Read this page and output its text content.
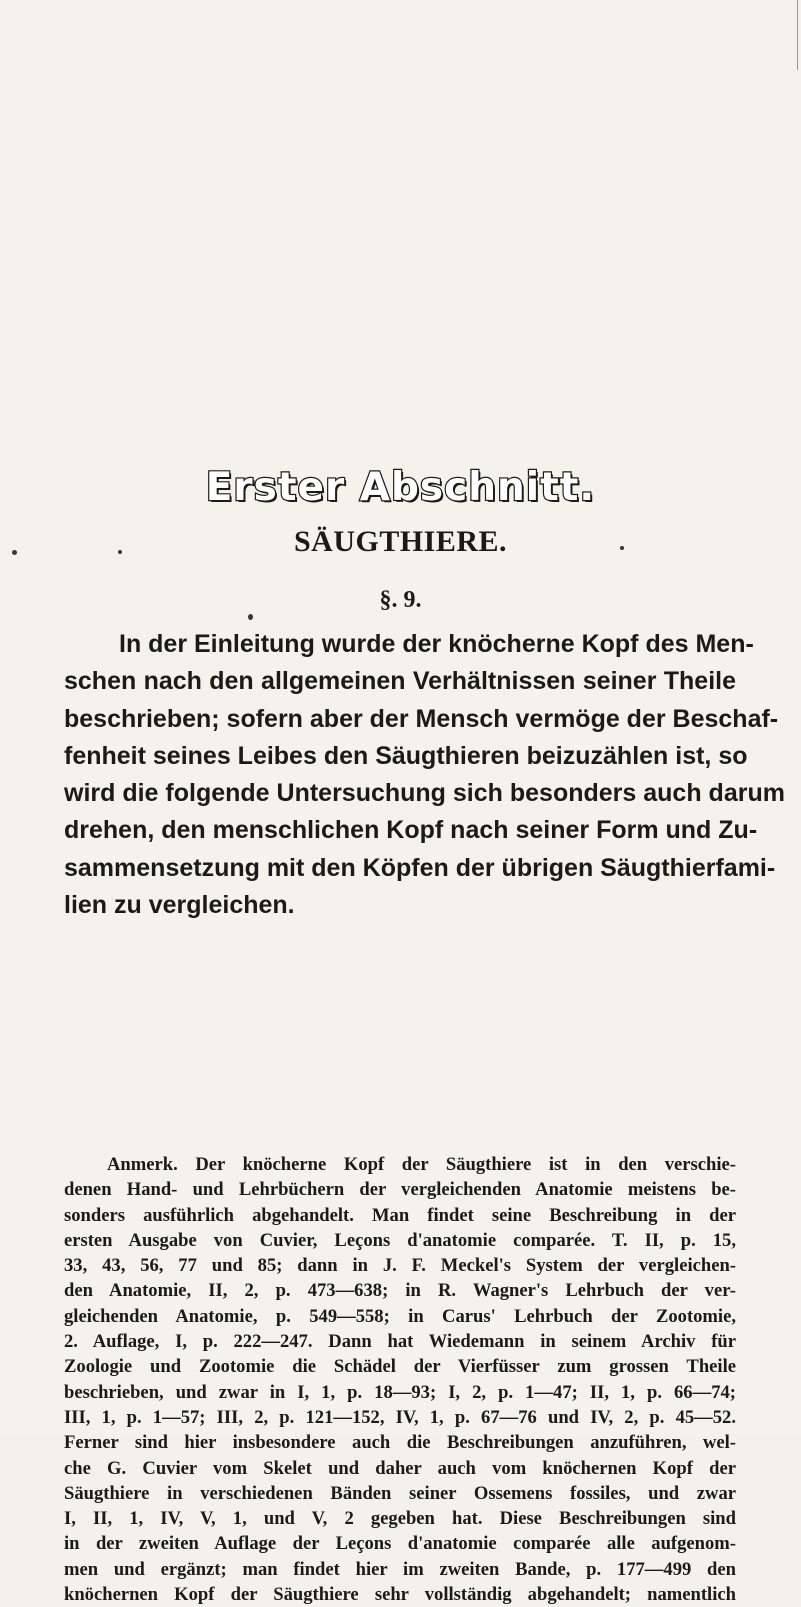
Erster Abschnitt.
SÄUGTHIERE.
§. 9.
In der Einleitung wurde der knöcherne Kopf des Men-
schen nach den allgemeinen Verhältnissen seiner Theile
beschrieben; sofern aber der Mensch vermöge der Beschaf-
fenheit seines Leibes den Säugthieren beizuzählen ist, so
wird die folgende Untersuchung sich besonders auch darum
drehen, den menschlichen Kopf nach seiner Form und Zu-
sammensetzung mit den Köpfen der übrigen Säugthierfami-
lien zu vergleichen.
Anmerk. Der knöcherne Kopf der Säugthiere ist in den verschie-
denen Hand- und Lehrbüchern der vergleichenden Anatomie meistens be-
sonders ausführlich abgehandelt. Man findet seine Beschreibung in der
ersten Ausgabe von Cuvier, Leçons d'anatomie comparée. T. II, p. 15,
33, 43, 56, 77 und 85; dann in J. F. Meckel's System der vergleichen-
den Anatomie, II, 2, p. 473—638; in R. Wagner's Lehrbuch der ver-
gleichenden Anatomie, p. 549—558; in Carus' Lehrbuch der Zootomie,
2. Auflage, I, p. 222—247. Dann hat Wiedemann in seinem Archiv für
Zoologie und Zootomie die Schädel der Vierfüsser zum grossen Theile
beschrieben, und zwar in I, 1, p. 18—93; I, 2, p. 1—47; II, 1, p. 66—74;
III, 1, p. 1—57; III, 2, p. 121—152, IV, 1, p. 67—76 und IV, 2, p. 45—52.
Ferner sind hier insbesondere auch die Beschreibungen anzuführen, wel-
che G. Cuvier vom Skelet und daher auch vom knöchernen Kopf der
Säugthiere in verschiedenen Bänden seiner Ossemens fossiles, und zwar
I, II, 1, IV, V, 1, und V, 2 gegeben hat. Diese Beschreibungen sind
in der zweiten Auflage der Leçons d'anatomie comparée alle aufgenom-
men und ergänzt; man findet hier im zweiten Bande, p. 177—499 den
knöchernen Kopf der Säugthiere sehr vollständig abgehandelt; namentlich
